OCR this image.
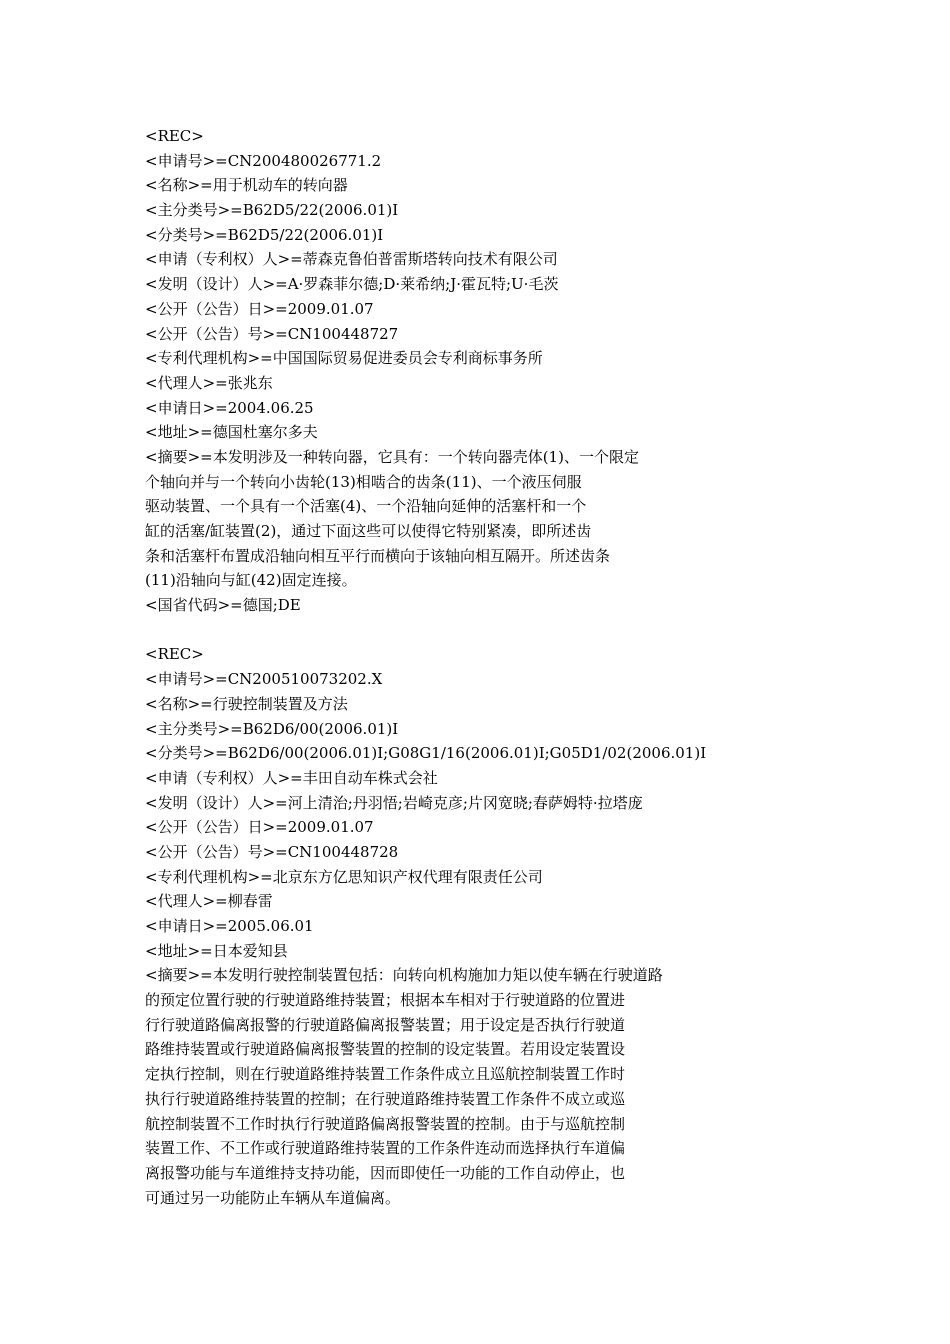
<REC>
<申请号>=CN200480026771.2
<名称>=用于机动车的转向器
<主分类号>=B62D5/22(2006.01)I
<分类号>=B62D5/22(2006.01)I
<申请（专利权）人>=蒂森克鲁伯普雷斯塔转向技术有限公司
<发明（设计）人>=A·罗森菲尔德;D·莱希纳;J·霍瓦特;U·毛茨
<公开（公告）日>=2009.01.07
<公开（公告）号>=CN100448727
<专利代理机构>=中国国际贸易促进委员会专利商标事务所
<代理人>=张兆东
<申请日>=2004.06.25
<地址>=德国杜塞尔多夫
<摘要>=本发明涉及一种转向器，它具有：一个转向器壳体(1)、一个限定
个轴向并与一个转向小齿轮(13)相啮合的齿条(11)、一个液压伺服
驱动装置、一个具有一个活塞(4)、一个沿轴向延伸的活塞杆和一个
缸的活塞/缸装置(2)，通过下面这些可以使得它特别紧凑，即所述齿
条和活塞杆布置成沿轴向相互平行而横向于该轴向相互隔开。所述齿条
(11)沿轴向与缸(42)固定连接。
<国省代码>=德国;DE
<REC>
<申请号>=CN200510073202.X
<名称>=行驶控制装置及方法
<主分类号>=B62D6/00(2006.01)I
<分类号>=B62D6/00(2006.01)I;G08G1/16(2006.01)I;G05D1/02(2006.01)I
<申请（专利权）人>=丰田自动车株式会社
<发明（设计）人>=河上清治;丹羽悟;岩崎克彦;片冈宽晓;春萨姆特·拉塔庞
<公开（公告）日>=2009.01.07
<公开（公告）号>=CN100448728
<专利代理机构>=北京东方亿思知识产权代理有限责任公司
<代理人>=柳春雷
<申请日>=2005.06.01
<地址>=日本爱知县
<摘要>=本发明行驶控制装置包括：向转向机构施加力矩以使车辆在行驶道路
的预定位置行驶的行驶道路维持装置；根据本车相对于行驶道路的位置进
行行驶道路偏离报警的行驶道路偏离报警装置；用于设定是否执行行驶道
路维持装置或行驶道路偏离报警装置的控制的设定装置。若用设定装置设
定执行控制，则在行驶道路维持装置工作条件成立且巡航控制装置工作时
执行行驶道路维持装置的控制；在行驶道路维持装置工作条件不成立或巡
航控制装置不工作时执行行驶道路偏离报警装置的控制。由于与巡航控制
装置工作、不工作或行驶道路维持装置的工作条件连动而选择执行车道偏
离报警功能与车道维持支持功能，因而即使任一功能的工作自动停止，也
可通过另一功能防止车辆从车道偏离。
